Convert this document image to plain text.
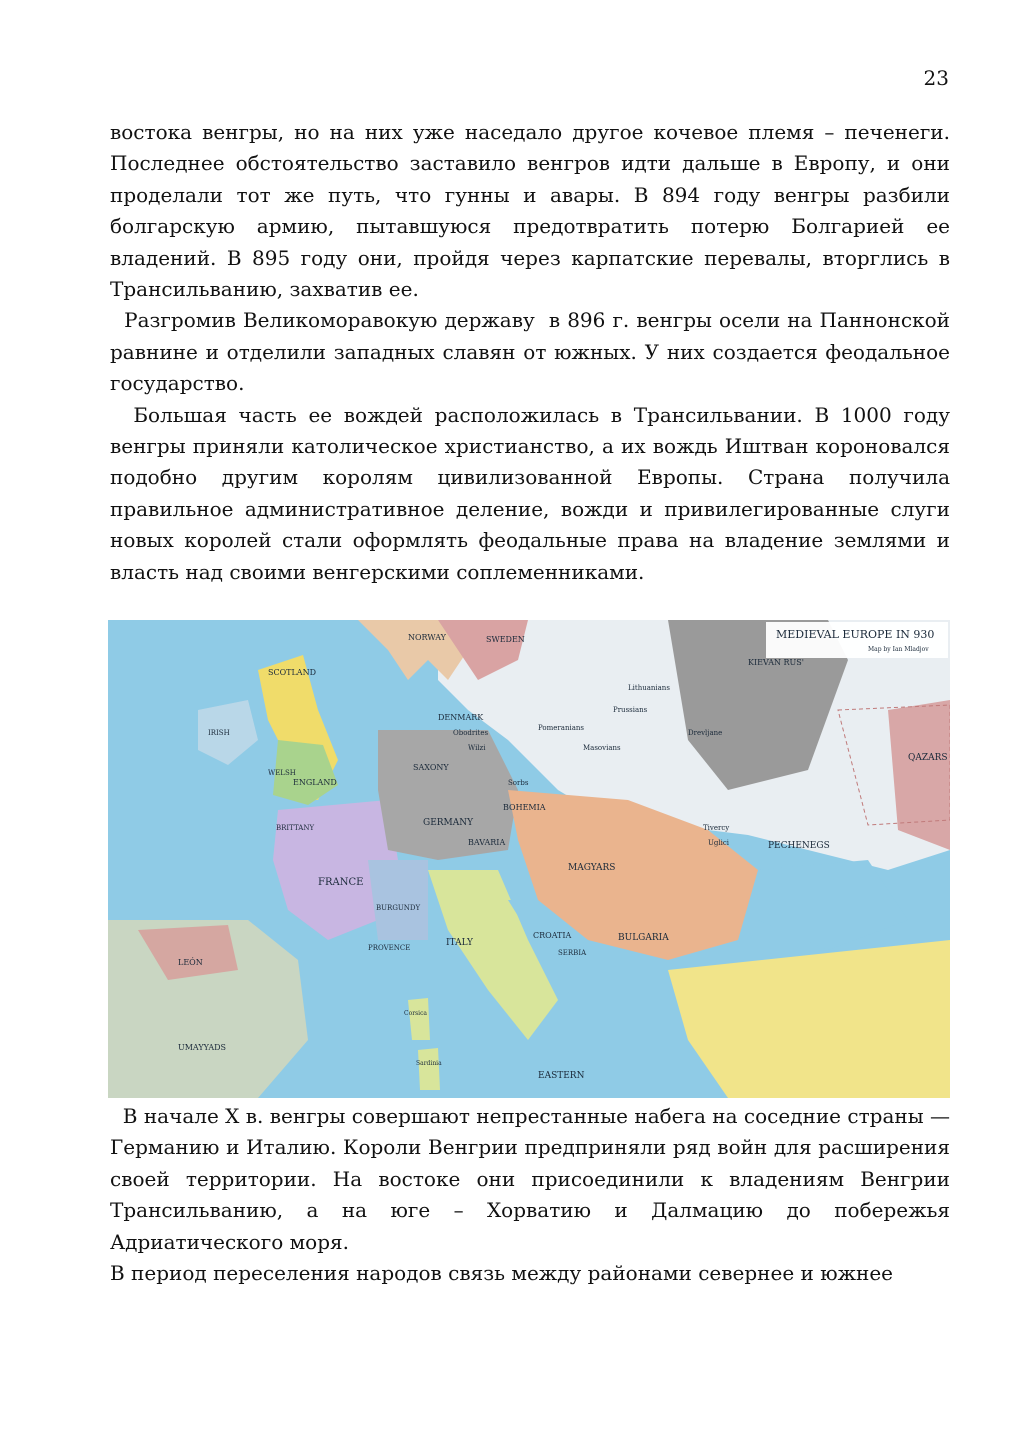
23

востока венгры, но на них уже наседало другое кочевое племя – печенеги. Последнее обстоятельство заставило венгров идти дальше в Европу, и они проделали тот же путь, что гунны и авары. В 894 году венгры разбили болгарскую армию, пытавшуюся предотвратить потерю Болгарией ее владений. В 895 году они, пройдя через карпатские перевалы, вторглись в Трансильванию, захватив ее.

Разгромив Великоморавокую державу  в 896 г. венгры осели на Паннонской равнине и отделили западных славян от южных. У них создается феодальное государство.

Большая часть ее вождей расположилась в Трансильвании. В 1000 году венгры приняли католическое христианство, а их вождь Иштван короновался подобно другим королям цивилизованной Европы. Страна получила правильное административное деление, вожди и привилегированные слуги новых королей стали оформлять феодальные права на владение землями и власть над своими венгерскими соплеменниками.

MEDIEVAL EUROPE IN 930
Map by Ian Mladjov
SCOTLAND
ENGLAND
WELSH
IRISH
DENMARK
NORWAY	SWEDEN
FRANCE
BRITTANY
BURGUNDY
PROVENCE	ITALY
GERMANY
SAXONY
BAVARIA
BOHEMIA
MAGYARS
BULGARIA
CROATIA
SERBIA
PECHENEGS
KIEVAN RUS'
QAZARS
LEÓN
UMAYYADS
EASTERN
Prussians
Pomeranians
Lithuanians
Wilzi
Obodrites
Sorbs
Tivercy
Uglici
Masovians
Drevljane
Sardinia
Corsica

В начале X в. венгры совершают непрестанные набега на соседние страны — Германию и Италию. Короли Венгрии предприняли ряд войн для расширения своей территории. На востоке они присоединили к владениям Венгрии Трансильванию, а на юге – Хорватию и Далмацию до побережья Адриатического моря.

В период переселения народов связь между районами севернее и южнее
